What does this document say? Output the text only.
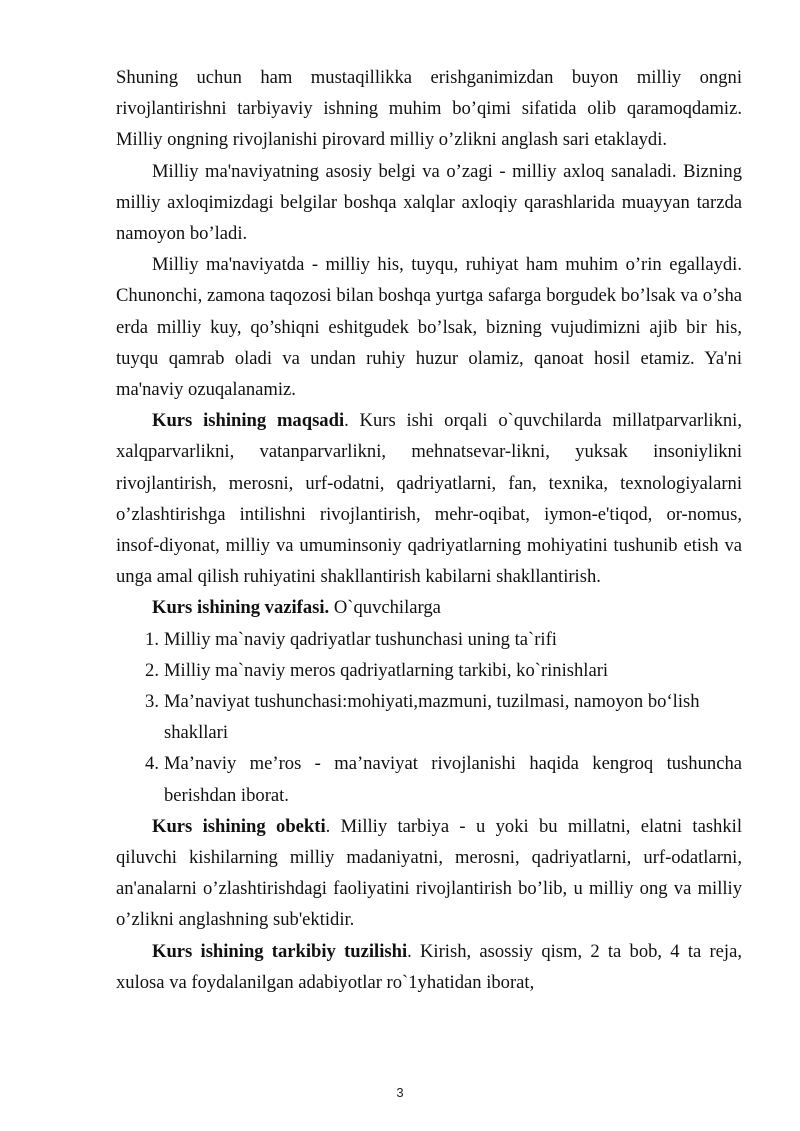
Shuning uchun ham mustaqillikka erishganimizdan buyon milliy ongni rivojlantirishni tarbiyaviy ishning muhim bo’qimi sifatida olib qaramoqdamiz. Milliy ongning rivojlanishi pirovard milliy o’zlikni anglash sari etaklaydi.

Milliy ma'naviyatning asosiy belgi va o’zagi - milliy axloq sanaladi. Bizning milliy axloqimizdagi belgilar boshqa xalqlar axloqiy qarashlarida muayyan tarzda namoyon bo’ladi.

Milliy ma'naviyatda - milliy his, tuyqu, ruhiyat ham muhim o’rin egallaydi. Chunonchi, zamona taqozosi bilan boshqa yurtga safarga borgudek bo’lsak va o’sha erda milliy kuy, qo’shiqni eshitgudek bo’lsak, bizning vujudimizni ajib bir his, tuyqu qamrab oladi va undan ruhiy huzur olamiz, qanoat hosil etamiz. Ya'ni ma'naviy ozuqalanamiz.

Kurs ishining maqsadi. Kurs ishi orqali o`quvchilarda millatparvarlikni, xalqparvarlikni, vatanparvarlikni, mehnatsevar-likni, yuksak insoniylikni rivojlantirish, merosni, urf-odatni, qadriyatlarni, fan, texnika, texnologiyalarni o’zlashtirishga intilishni rivojlantirish, mehr-oqibat, iymon-e'tiqod, or-nomus, insof-diyonat, milliy va umuminsoniy qadriyatlarning mohiyatini tushunib etish va unga amal qilish ruhiyatini shakllantirish kabilarni shakllantirish.

Kurs ishining vazifasi. O`quvchilarga

1. Milliy ma`naviy qadriyatlar tushunchasi uning ta`rifi
2. Milliy ma`naviy meros qadriyatlarning tarkibi, ko`rinishlari
3. Ma’naviyat tushunchasi:mohiyati,mazmuni, tuzilmasi, namoyon bo‘lish shakllari
4. Ma’naviy me’ros - ma’naviyat rivojlanishi haqida kengroq tushuncha berishdan iborat.

Kurs ishining obekti. Milliy tarbiya - u yoki bu millatni, elatni tashkil qiluvchi kishilarning milliy madaniyatni, merosni, qadriyatlarni, urf-odatlarni, an'analarni o’zlashtirishdagi faoliyatini rivojlantirish bo’lib, u milliy ong va milliy o’zlikni anglashning sub'ektidir.

Kurs ishining tarkibiy tuzilishi. Kirish, asossiy qism, 2 ta bob, 4 ta reja, xulosa va foydalanilgan adabiyotlar ro`1yhatidan iborat,

3
